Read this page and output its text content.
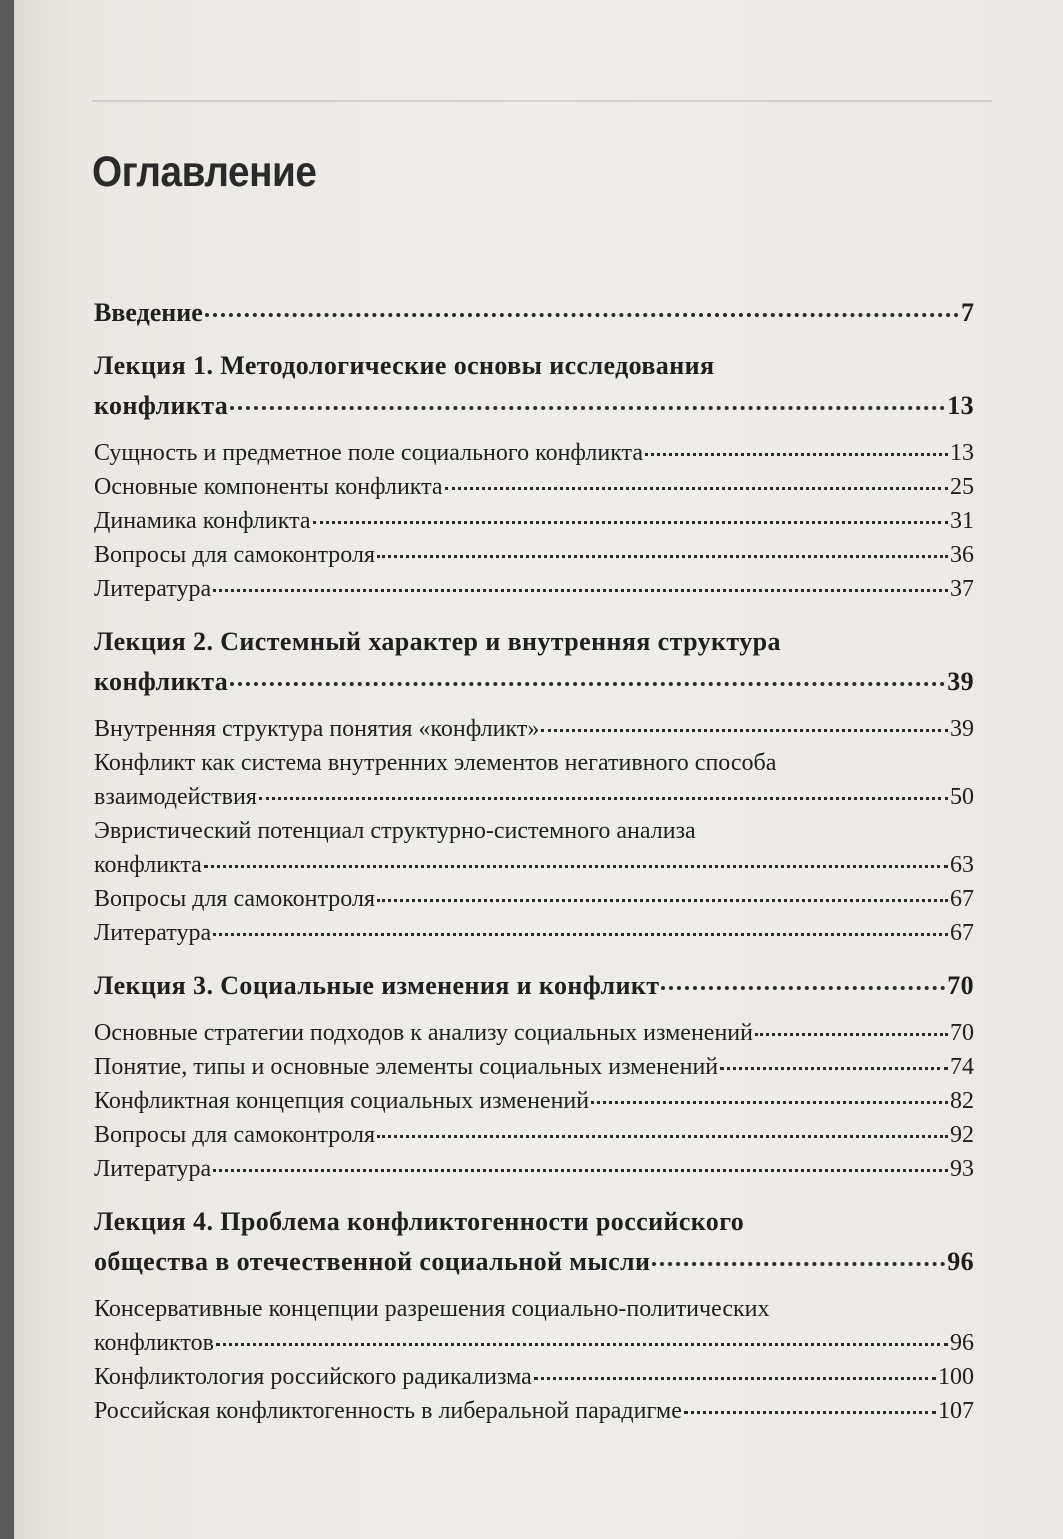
Оглавление
Введение	7
Лекция 1. Методологические основы исследования
конфликта	13
Сущность и предметное поле социального конфликта	13
Основные компоненты конфликта	25
Динамика конфликта	31
Вопросы для самоконтроля	36
Литература	37
Лекция 2. Системный характер и внутренняя структура
конфликта	39
Внутренняя структура понятия «конфликт»	39
Конфликт как система внутренних элементов негативного способа
взаимодействия	50
Эвристический потенциал структурно-системного анализа
конфликта	63
Вопросы для самоконтроля	67
Литература	67
Лекция 3. Социальные изменения и конфликт	70
Основные стратегии подходов к анализу социальных изменений	70
Понятие, типы и основные элементы социальных изменений	74
Конфликтная концепция социальных изменений	82
Вопросы для самоконтроля	92
Литература	93
Лекция 4. Проблема конфликтогенности российского
общества в отечественной социальной мысли	96
Консервативные концепции разрешения социально-политических
конфликтов	96
Конфликтология российского радикализма	100
Российская конфликтогенность в либеральной парадигме	107
